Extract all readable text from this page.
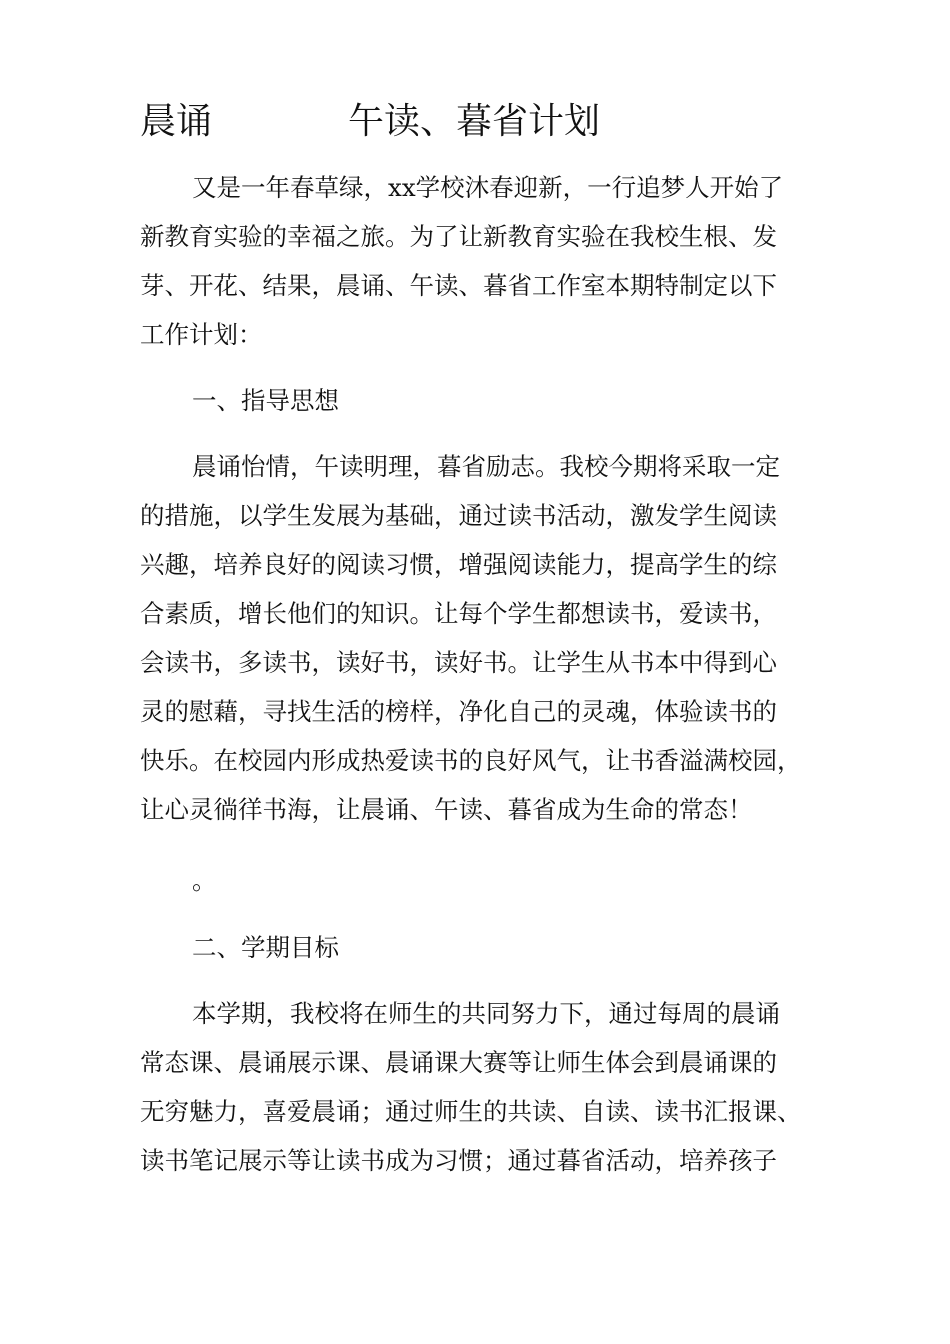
晨诵	午读、暮省计划
又是一年春草绿，xx学校沐春迎新，一行追梦人开始了
新教育实验的幸福之旅。为了让新教育实验在我校生根、发
芽、开花、结果，晨诵、午读、暮省工作室本期特制定以下
工作计划：
一、指导思想
晨诵怡情，午读明理，暮省励志。我校今期将采取一定
的措施，以学生发展为基础，通过读书活动，激发学生阅读
兴趣，培养良好的阅读习惯，增强阅读能力，提高学生的综
合素质，增长他们的知识。让每个学生都想读书，爱读书，
会读书，多读书，读好书，读好书。让学生从书本中得到心
灵的慰藉，寻找生活的榜样，净化自己的灵魂，体验读书的
快乐。在校园内形成热爱读书的良好风气，让书香溢满校园，
让心灵徜徉书海，让晨诵、午读、暮省成为生命的常态！
。
二、学期目标
本学期，我校将在师生的共同努力下，通过每周的晨诵
常态课、晨诵展示课、晨诵课大赛等让师生体会到晨诵课的
无穷魅力，喜爱晨诵；通过师生的共读、自读、读书汇报课、
读书笔记展示等让读书成为习惯；通过暮省活动，培养孩子
